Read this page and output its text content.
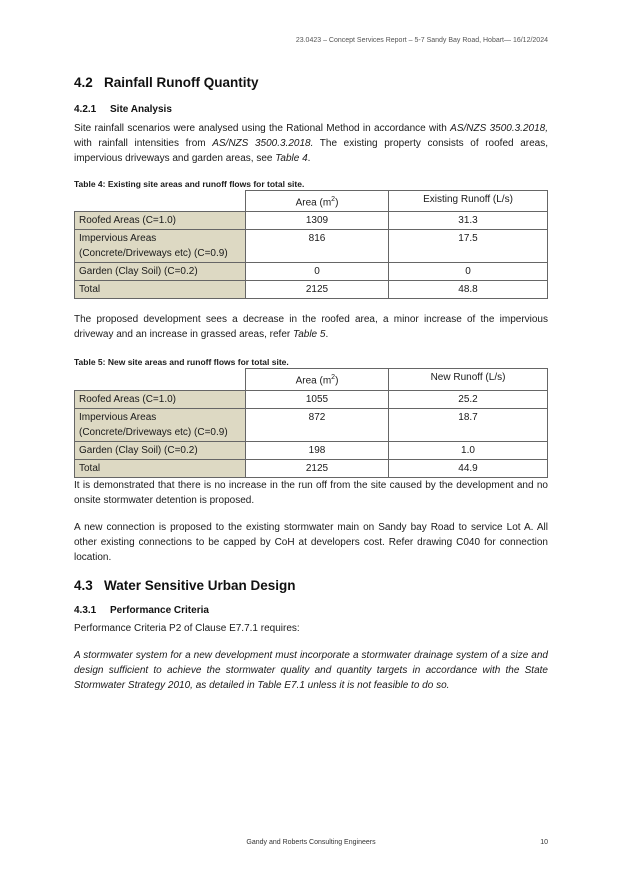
23.0423 – Concept Services Report – 5-7 Sandy Bay Road, Hobart— 16/12/2024
4.2 Rainfall Runoff Quantity
4.2.1 Site Analysis

Site rainfall scenarios were analysed using the Rational Method in accordance with AS/NZS 3500.3.2018, with rainfall intensities from AS/NZS 3500.3.2018. The existing property consists of roofed areas, impervious driveways and garden areas, see Table 4.

Table 4: Existing site areas and runoff flows for total site.
	Area $(m^2)$	Existing Runoff (L/s)
Roofed Areas (C=1.0)	1309	31.3
Impervious Areas (Concrete/Driveways etc) (C=0.9)	816	17.5
Garden (Clay Soil) (C=0.2)	0	0
Total	2125	48.8

The proposed development sees a decrease in the roofed area, a minor increase of the impervious driveway and an increase in grassed areas, refer Table 5.

Table 5: New site areas and runoff flows for total site.
	Area $(m^2)$	New Runoff (L/s)
Roofed Areas (C=1.0)	1055	25.2
Impervious Areas (Concrete/Driveways etc) (C=0.9)	872	18.7
Garden (Clay Soil) (C=0.2)	198	1.0
Total	2125	44.9

It is demonstrated that there is no increase in the run off from the site caused by the development and no onsite stormwater detention is proposed.

A new connection is proposed to the existing stormwater main on Sandy bay Road to service Lot A. All other existing connections to be capped by CoH at developers cost. Refer drawing C040 for connection location.

4.3 Water Sensitive Urban Design
4.3.1 Performance Criteria

Performance Criteria P2 of Clause E7.7.1 requires:

A stormwater system for a new development must incorporate a stormwater drainage system of a size and design sufficient to achieve the stormwater quality and quantity targets in accordance with the State Stormwater Strategy 2010, as detailed in Table E7.1 unless it is not feasible to do so.

Gandy and Roberts Consulting Engineers	10
